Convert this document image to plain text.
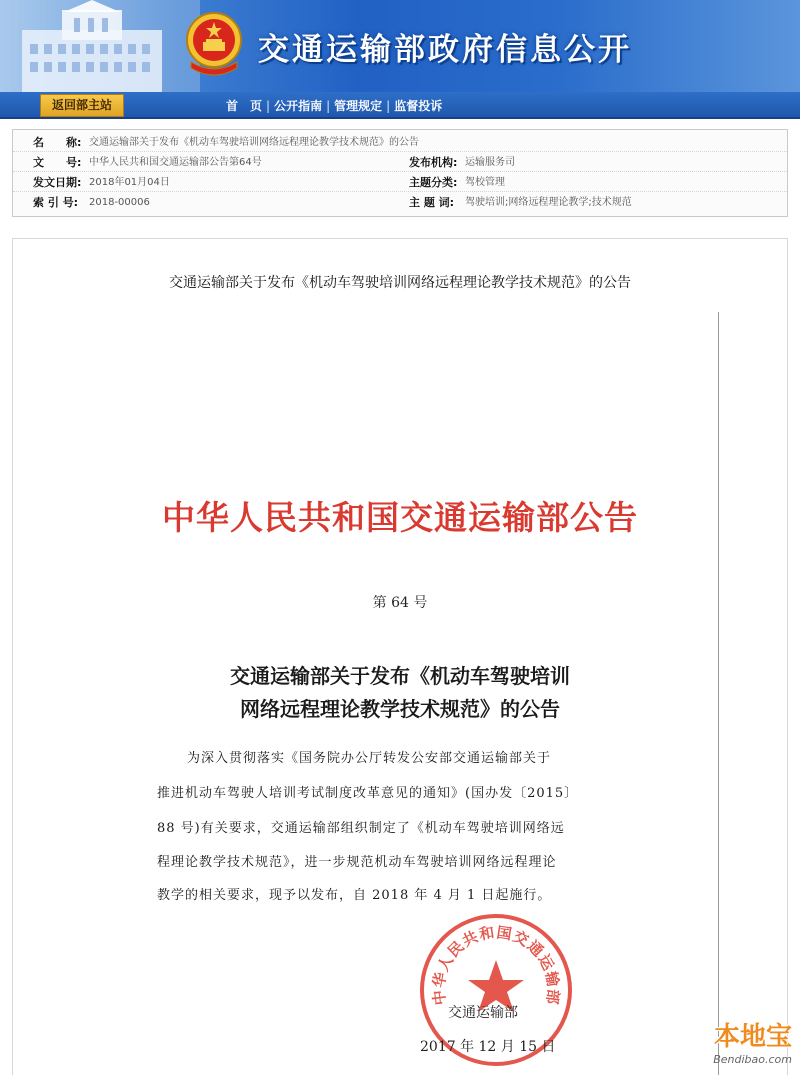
交通运输部政府信息公开
返回部主站	首　页 | 公开指南 | 管理规定 | 监督投诉
名　　称: 交通运输部关于发布《机动车驾驶培训网络远程理论教学技术规范》的公告
文　　号: 中华人民共和国交通运输部公告第64号	发布机构: 运输服务司
发文日期: 2018年01月04日	主题分类: 驾校管理
索 引 号: 2018-00006	主 题 词: 驾驶培训;网络远程理论教学;技术规范
交通运输部关于发布《机动车驾驶培训网络远程理论教学技术规范》的公告
中华人民共和国交通运输部公告
第 64 号
交通运输部关于发布《机动车驾驶培训
网络远程理论教学技术规范》的公告
为深入贯彻落实《国务院办公厅转发公安部交通运输部关于
推进机动车驾驶人培训考试制度改革意见的通知》(国办发〔2015〕
88 号)有关要求，交通运输部组织制定了《机动车驾驶培训网络远
程理论教学技术规范》，进一步规范机动车驾驶培训网络远程理论
教学的相关要求，现予以发布，自 2018 年 4 月 1 日起施行。
中华人民共和国交通运输部
交通运输部
2017 年 12 月 15 日	本地宝
Bendibao.com
